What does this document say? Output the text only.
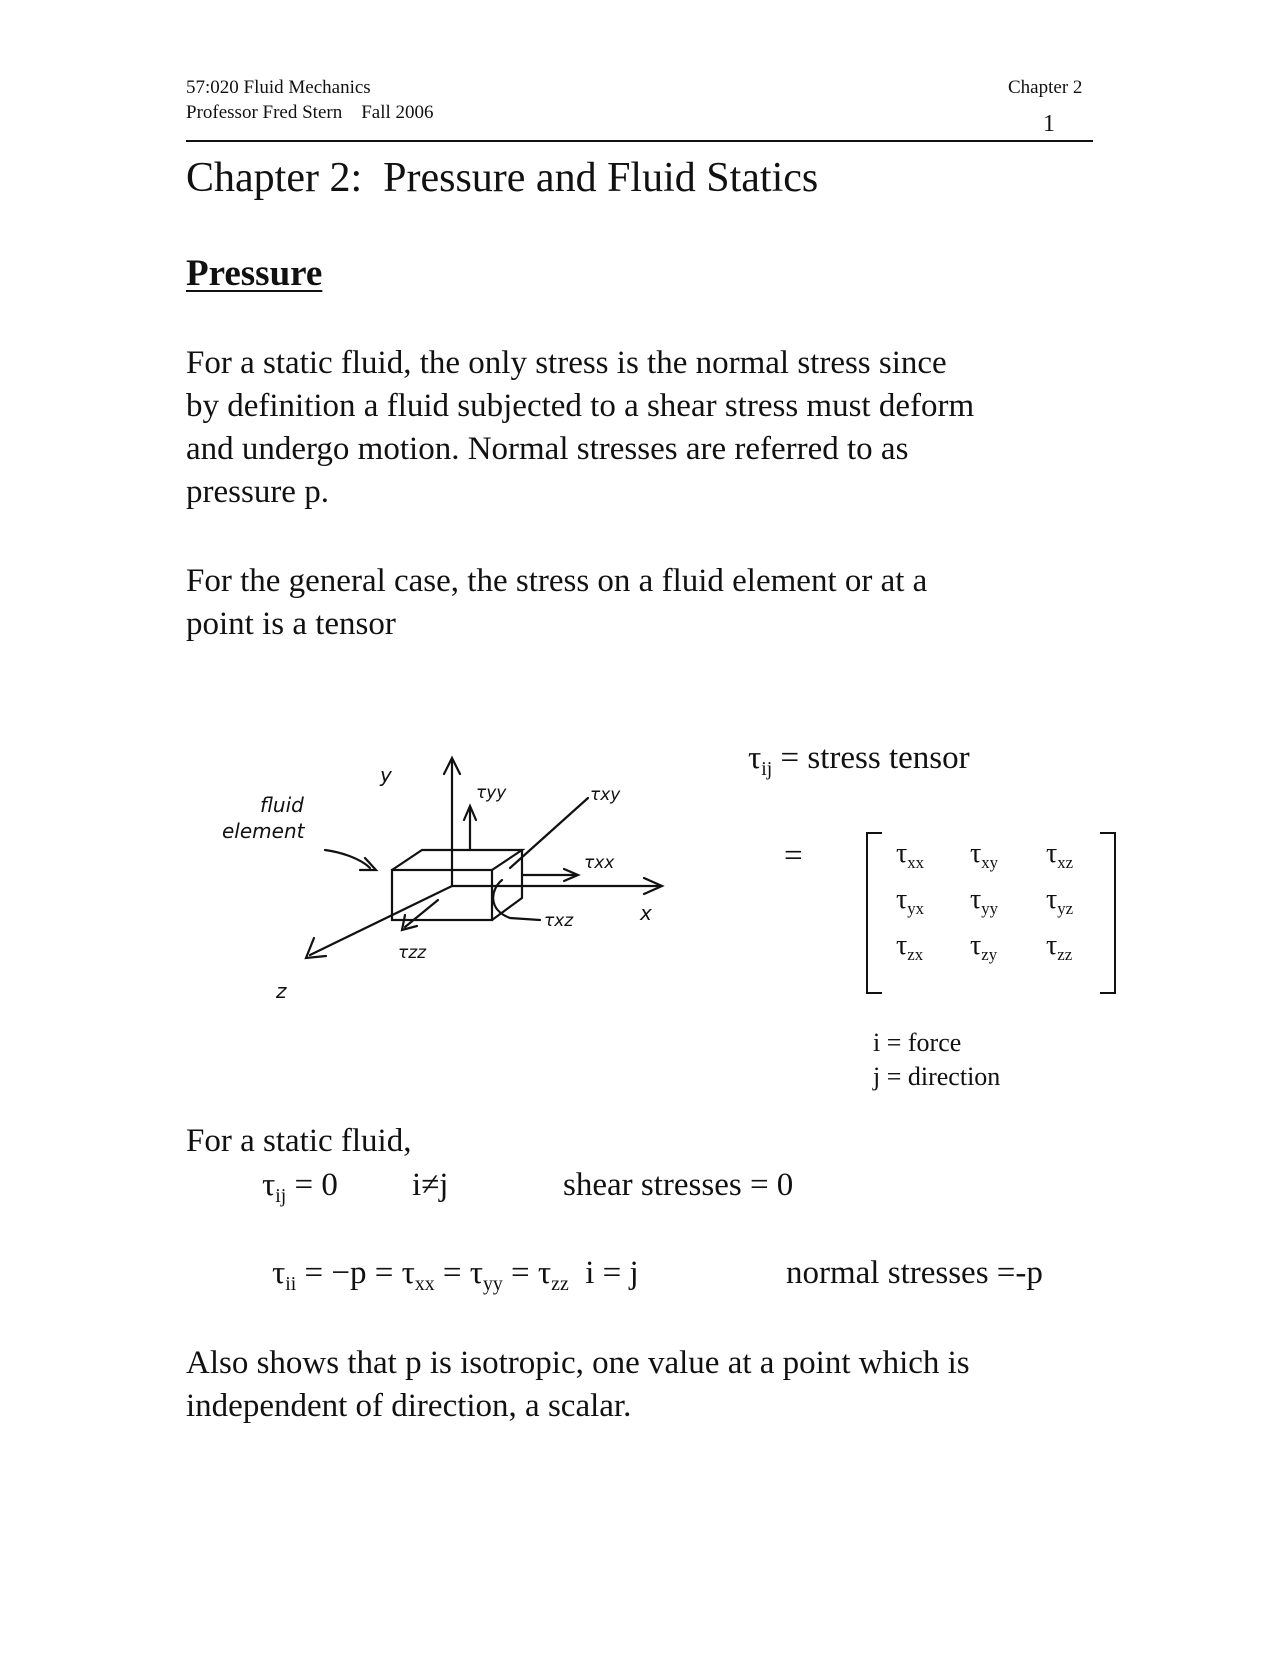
57:020 Fluid Mechanics
Professor Fred Stern    Fall 2006
Chapter 2
1
Chapter 2:  Pressure and Fluid Statics
Pressure
For a static fluid, the only stress is the normal stress since
by definition a fluid subjected to a shear stress must deform
and undergo motion. Normal stresses are referred to as
pressure p.
For the general case, the stress on a fluid element or at a
point is a tensor
y
x
z
fluid
element
τyy	τxy
τxx
τxz
τzz
$\tau_{ij}$ = stress tensor
=	$\tau_{xx}$ $\tau_{xy}$ $\tau_{xz}$
$\tau_{yx}$ $\tau_{yy}$ $\tau_{yz}$
$\tau_{zx}$ $\tau_{zy}$ $\tau_{zz}$
i = force
j = direction
For a static fluid,
$\tau_{ij} = 0$ i≠j	shear stresses = 0
$\tau_{ii} = -p = \tau_{xx} = \tau_{yy} = \tau_{zz}$  i = j	normal stresses =-p
Also shows that p is isotropic, one value at a point which is
independent of direction, a scalar.
